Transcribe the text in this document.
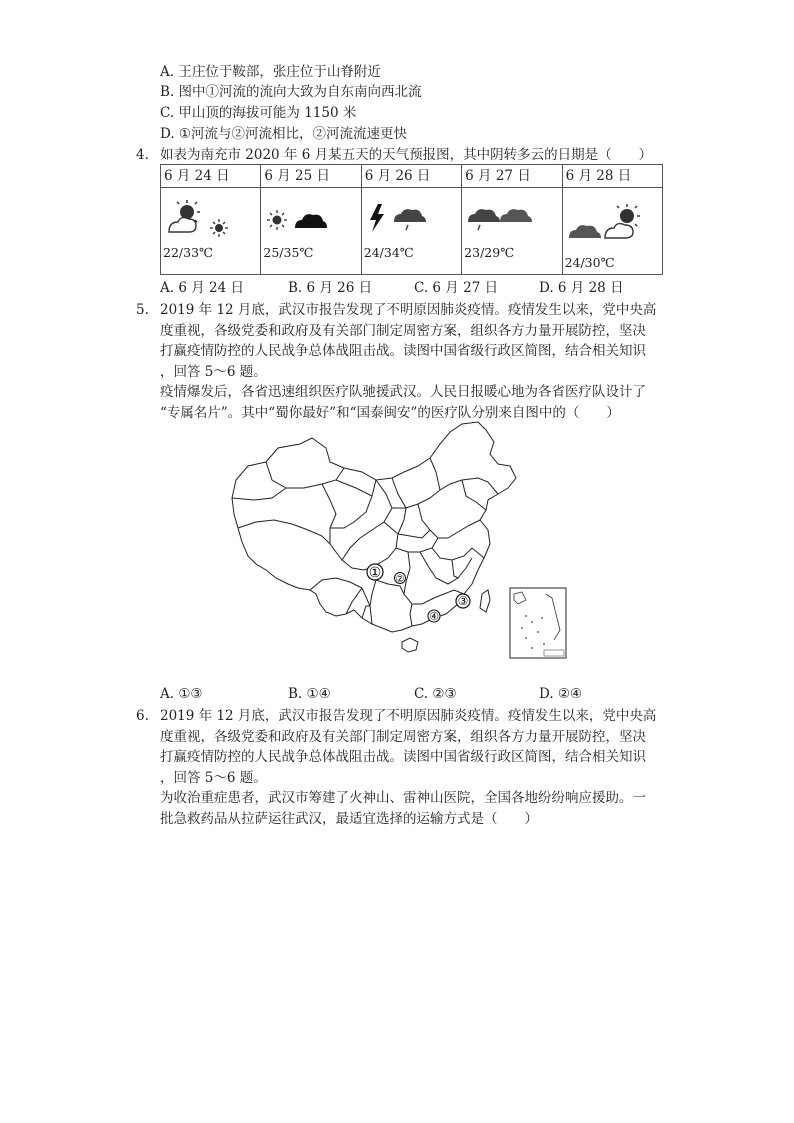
A. 王庄位于鞍部，张庄位于山脊附近
B. 图中①河流的流向大致为自东南向西北流
C. 甲山顶的海拔可能为 1150 米
D. ①河流与②河流相比，②河流流速更快
4. 如表为南充市 2020 年 6 月某五天的天气预报图，其中阴转多云的日期是（　　）
6 月 24 日	6 月 25 日	6 月 26 日	6 月 27 日	6 月 28 日

22/33℃	25/35℃	24/34℃	23/29℃	24/30℃
A. 6 月 24 日	B. 6 月 26 日	C. 6 月 27 日	D. 6 月 28 日
5. 2019 年 12 月底，武汉市报告发现了不明原因肺炎疫情。疫情发生以来，党中央高

度重视，各级党委和政府及有关部门制定周密方案，组织各方力量开展防控，坚决

打赢疫情防控的人民战争总体战阻击战。读图中国省级行政区简图，结合相关知识

，回答 5～6 题。

疫情爆发后，各省迅速组织医疗队驰援武汉。人民日报暖心地为各省医疗队设计了

“专属名片”。其中“蜀你最好”和“国泰闽安”的医疗队分别来自图中的（　　）

① ②
③
④
A. ①③	B. ①④	C. ②③	D. ②④
6. 2019 年 12 月底，武汉市报告发现了不明原因肺炎疫情。疫情发生以来，党中央高

度重视，各级党委和政府及有关部门制定周密方案，组织各方力量开展防控，坚决

打赢疫情防控的人民战争总体战阻击战。读图中国省级行政区简图，结合相关知识

，回答 5～6 题。

为收治重症患者，武汉市筹建了火神山、雷神山医院，全国各地纷纷响应援助。一

批急救药品从拉萨运往武汉，最适宜选择的运输方式是（　　）
